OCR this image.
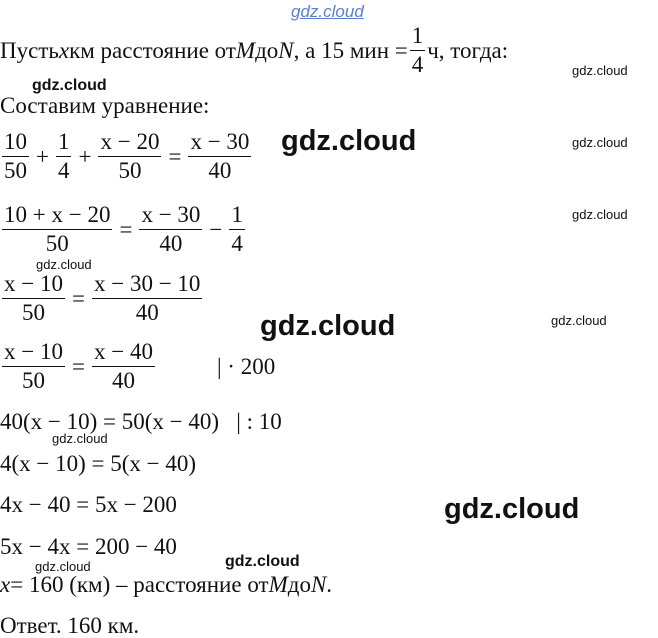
gdz.cloud
gdz.cloud
gdz.cloud
gdz.cloud	gdz.cloud
gdz.cloud
gdz.cloud
gdz.cloud	gdz.cloud
gdz.cloud
gdz.cloud
gdz.cloud	gdz.cloud
Пусть x км расстояние от M до N , а 15 мин = $\frac{1}{4} ч$, тогда:
Составим уравнение:
$\frac{10}{50} + \frac{1}{4} + \frac{x - 20}{50} = \frac{x - 30}{40}$
$\frac{10 + x - 20}{50} = \frac{x - 30}{40} - \frac{1}{4}$
$\frac{x - 10}{50} = \frac{x - 30 - 10}{40}$
$\frac{x - 10}{50} = \frac{x - 40}{40}$	| · 200
40(x − 10) = 50(x − 40)   | : 10
4(x − 10) = 5(x − 40)
4x − 40 = 5x − 200
5x − 4x = 200 − 40
x = 160 (км) – расстояние от M до N .
Ответ. 160 км.
